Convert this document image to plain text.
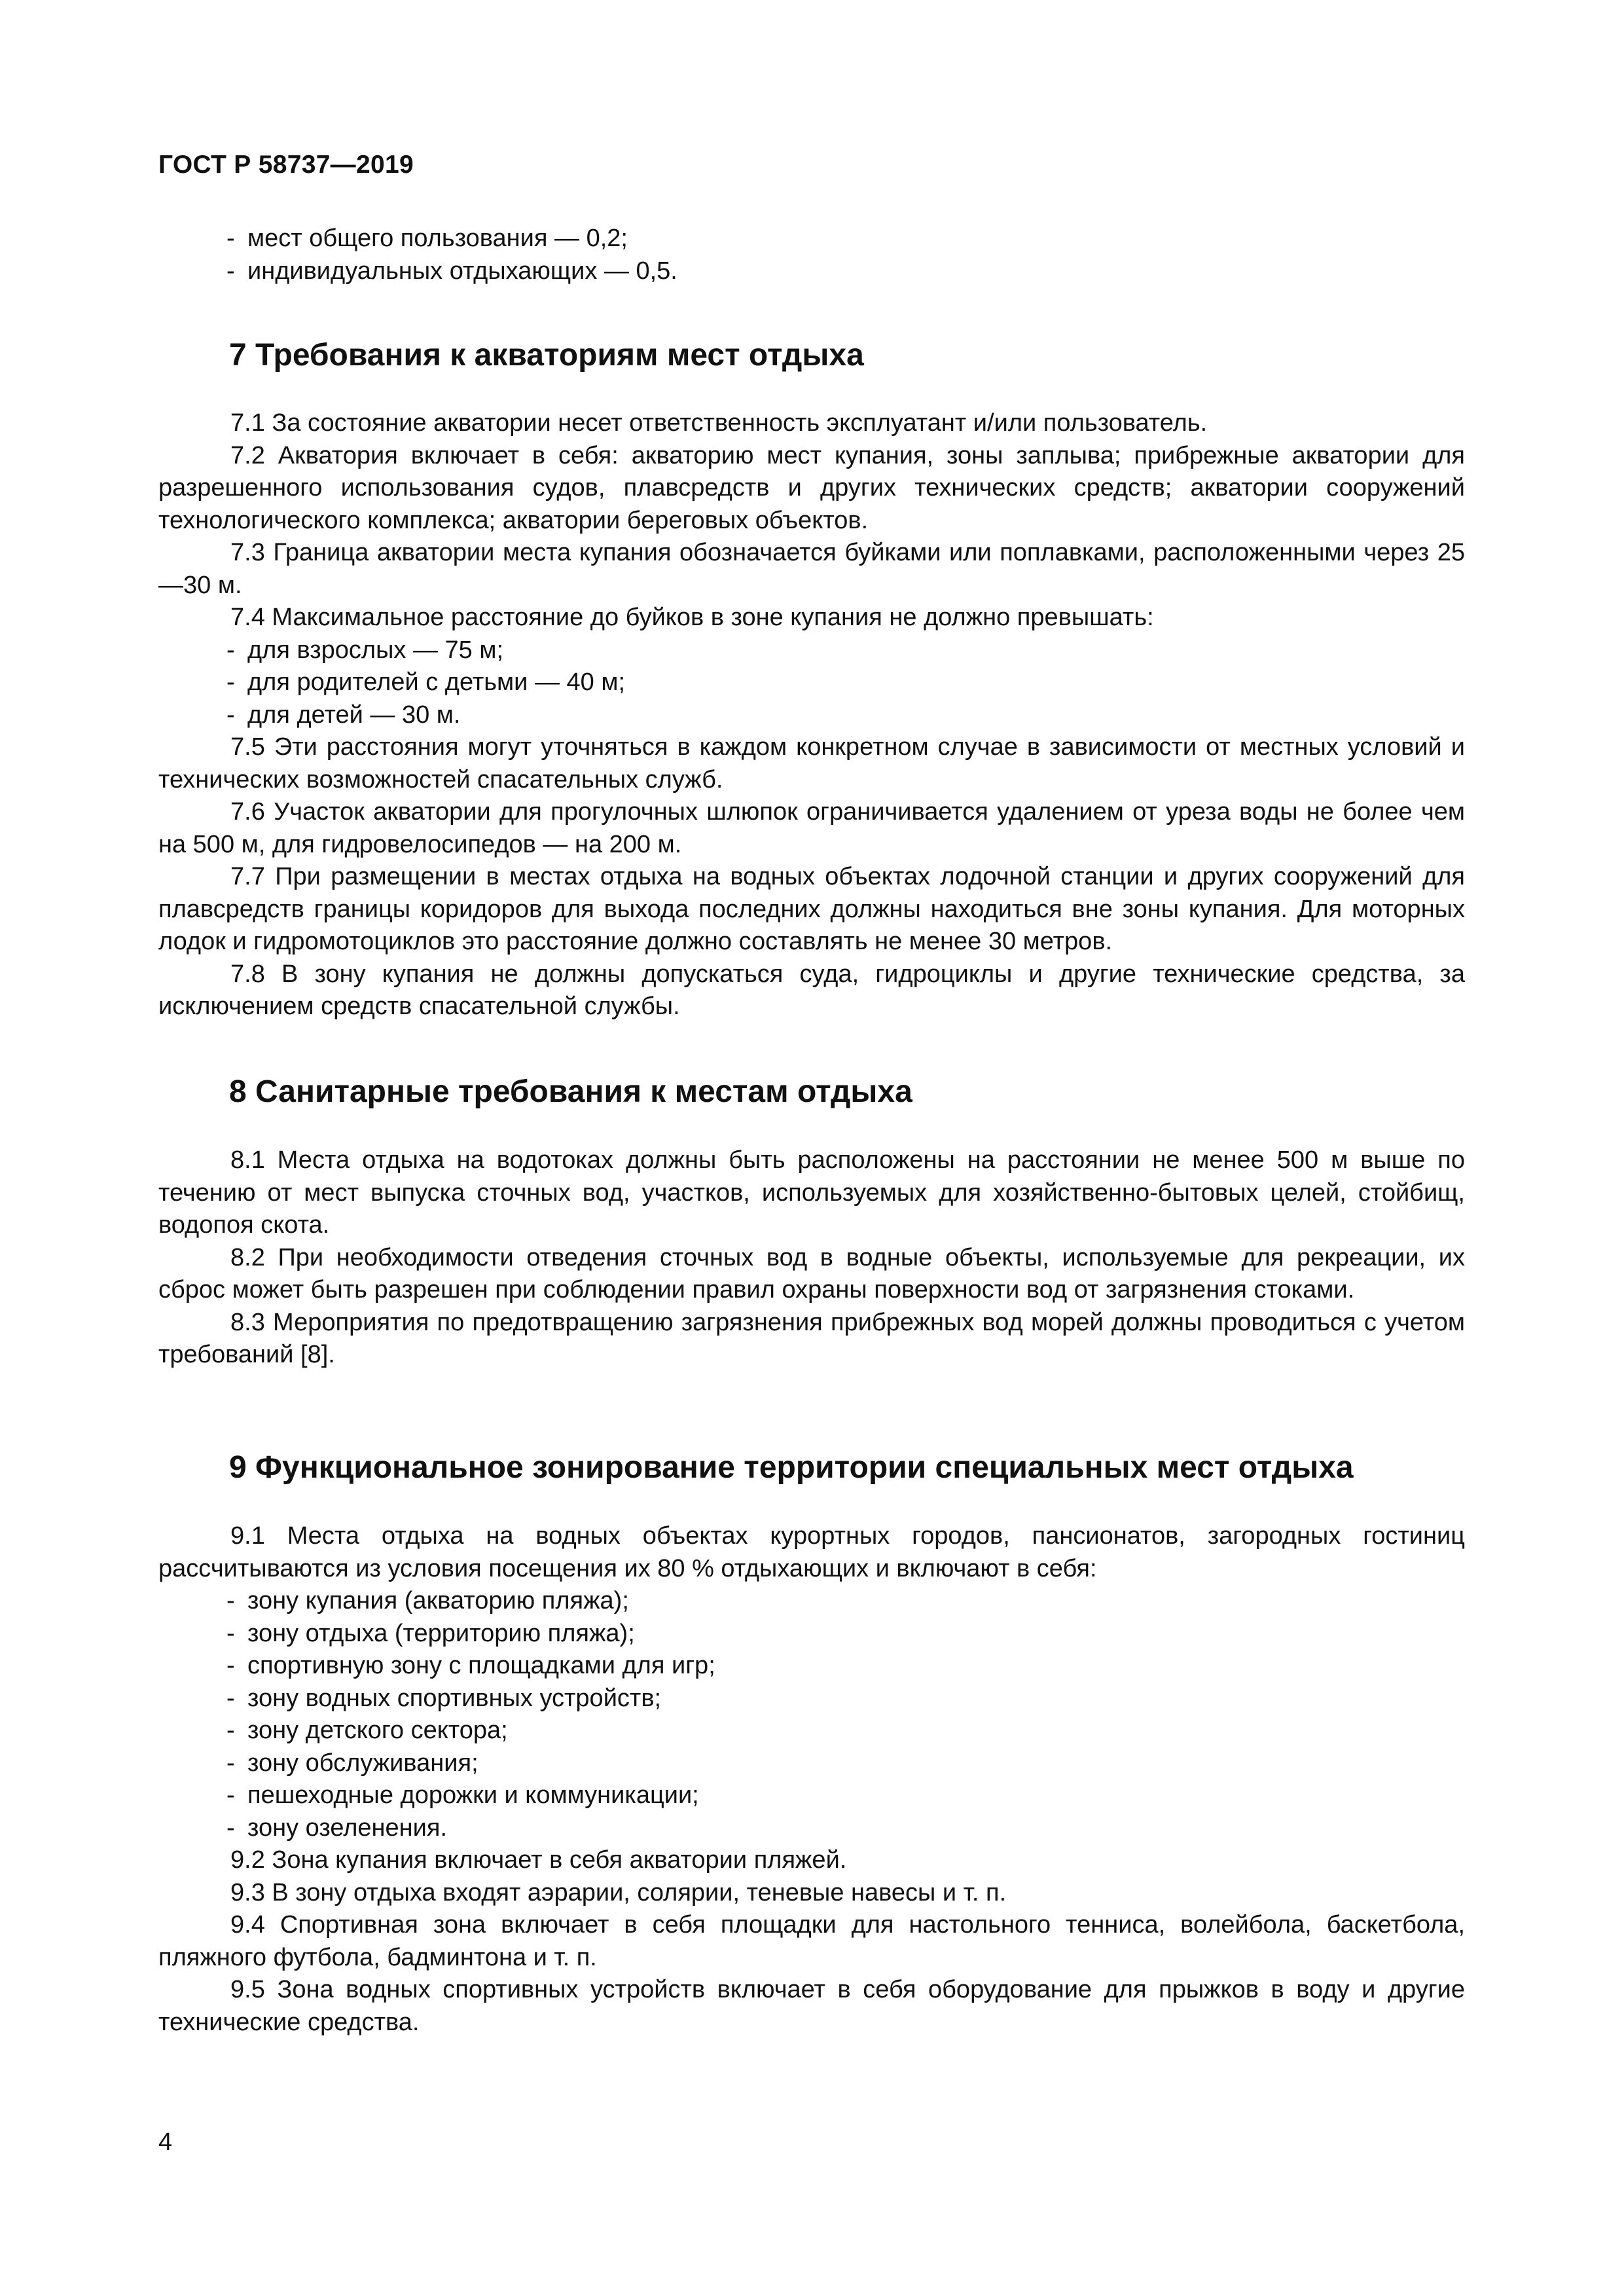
ГОСТ Р 58737—2019
- мест общего пользования — 0,2;
- индивидуальных отдыхающих — 0,5.
7 Требования к акваториям мест отдыха

7.1 За состояние акватории несет ответственность эксплуатант и/или пользователь.

7.2 Акватория включает в себя: акваторию мест купания, зоны заплыва; прибрежные акватории для разрешенного использования судов, плавсредств и других технических средств; акватории сооружений технологического комплекса; акватории береговых объектов.

7.3 Граница акватории места купания обозначается буйками или поплавками, расположенными через 25—30 м.

7.4 Максимальное расстояние до буйков в зоне купания не должно превышать:

- для взрослых — 75 м;
- для родителей с детьми — 40 м;
- для детей — 30 м.

7.5 Эти расстояния могут уточняться в каждом конкретном случае в зависимости от местных условий и технических возможностей спасательных служб.

7.6 Участок акватории для прогулочных шлюпок ограничивается удалением от уреза воды не более чем на 500 м, для гидровелосипедов — на 200 м.

7.7 При размещении в местах отдыха на водных объектах лодочной станции и других сооружений для плавсредств границы коридоров для выхода последних должны находиться вне зоны купания. Для моторных лодок и гидромотоциклов это расстояние должно составлять не менее 30 метров.

7.8 В зону купания не должны допускаться суда, гидроциклы и другие технические средства, за исключением средств спасательной службы.

8 Санитарные требования к местам отдыха

8.1 Места отдыха на водотоках должны быть расположены на расстоянии не менее 500 м выше по течению от мест выпуска сточных вод, участков, используемых для хозяйственно-бытовых целей, стойбищ, водопоя скота.

8.2 При необходимости отведения сточных вод в водные объекты, используемые для рекреации, их сброс может быть разрешен при соблюдении правил охраны поверхности вод от загрязнения стоками.

8.3 Мероприятия по предотвращению загрязнения прибрежных вод морей должны проводиться с учетом требований [8].

9 Функциональное зонирование территории специальных мест отдыха

9.1 Места отдыха на водных объектах курортных городов, пансионатов, загородных гостиниц рассчитываются из условия посещения их 80 % отдыхающих и включают в себя:

- зону купания (акваторию пляжа);
- зону отдыха (территорию пляжа);
- спортивную зону с площадками для игр;
- зону водных спортивных устройств;
- зону детского сектора;
- зону обслуживания;
- пешеходные дорожки и коммуникации;
- зону озеленения.

9.2 Зона купания включает в себя акватории пляжей.

9.3 В зону отдыха входят аэрарии, солярии, теневые навесы и т. п.

9.4 Спортивная зона включает в себя площадки для настольного тенниса, волейбола, баскетбола, пляжного футбола, бадминтона и т. п.

9.5 Зона водных спортивных устройств включает в себя оборудование для прыжков в воду и другие технические средства.

4
